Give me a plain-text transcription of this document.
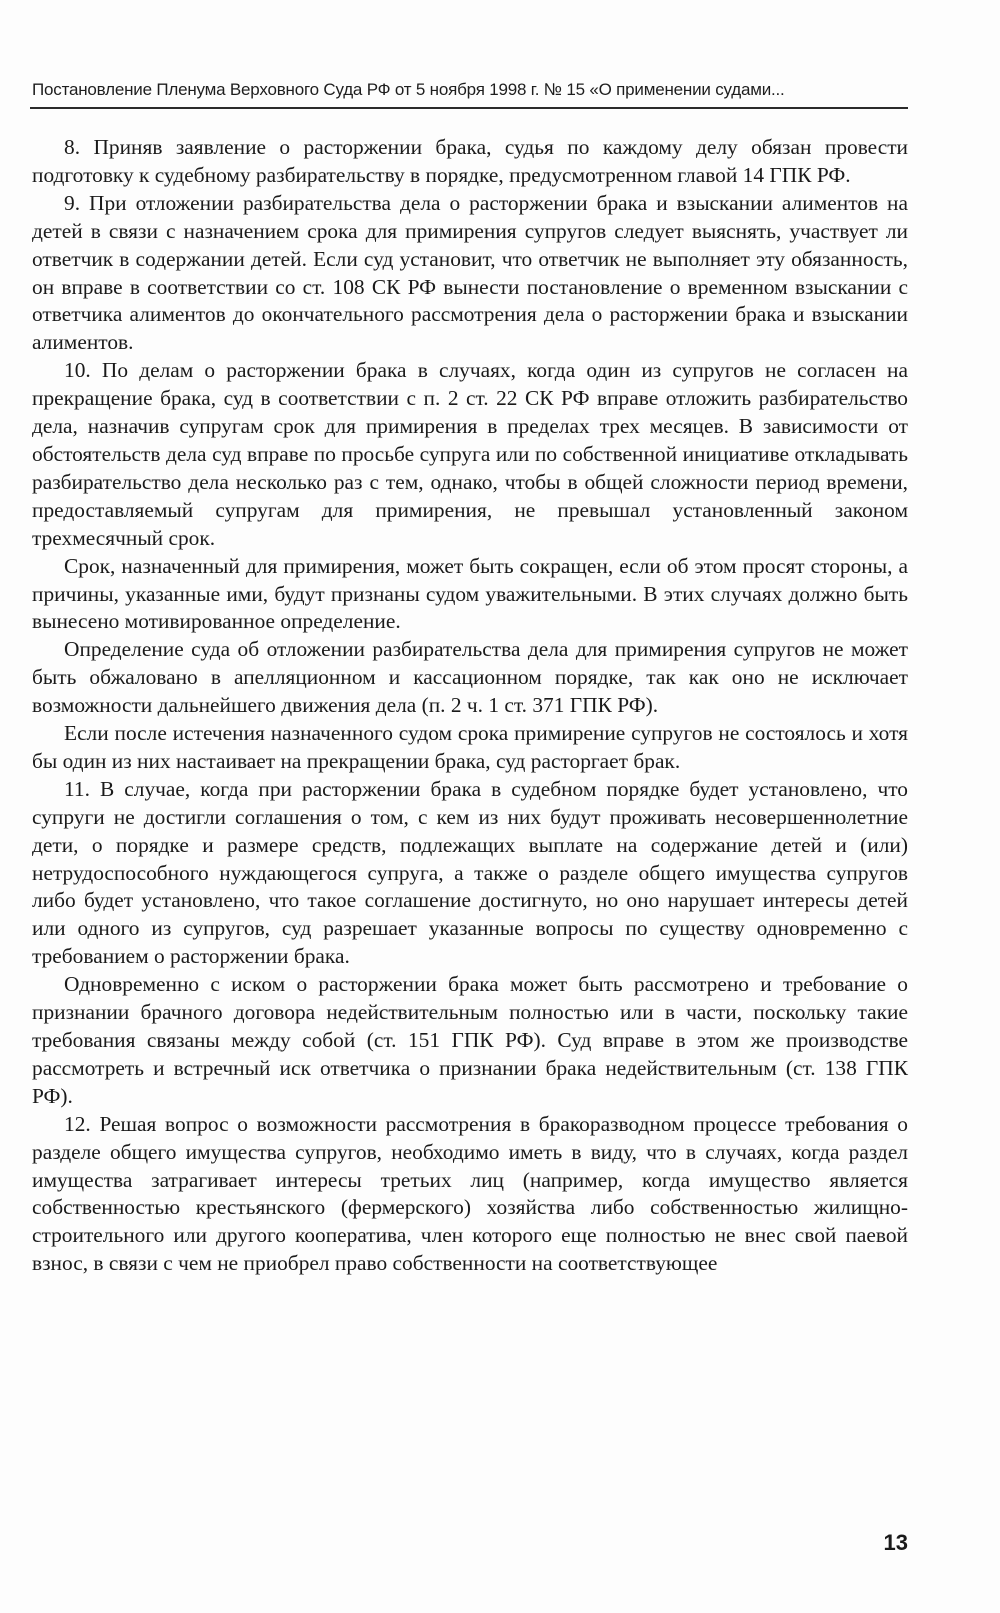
Постановление Пленума Верховного Суда РФ от 5 ноября 1998 г. № 15 «О применении судами...

8. Приняв заявление о расторжении брака, судья по каждому делу обязан провести подготовку к судебному разбирательству в порядке, предусмотренном главой 14 ГПК РФ.

9. При отложении разбирательства дела о расторжении брака и взыскании алиментов на детей в связи с назначением срока для примирения супругов следует выяснять, участвует ли ответчик в содержании детей. Если суд установит, что ответчик не выполняет эту обязанность, он вправе в соответствии со ст. 108 СК РФ вынести постановление о временном взыскании с ответчика алиментов до окончательного рассмотрения дела о расторжении брака и взыскании алиментов.

10. По делам о расторжении брака в случаях, когда один из супругов не согласен на прекращение брака, суд в соответствии с п. 2 ст. 22 СК РФ вправе отложить разбирательство дела, назначив супругам срок для примирения в пределах трех месяцев. В зависимости от обстоятельств дела суд вправе по просьбе супруга или по собственной инициативе откладывать разбирательство дела несколько раз с тем, однако, чтобы в общей сложности период времени, предоставляемый супругам для примирения, не превышал установленный законом трехмесячный срок.

Срок, назначенный для примирения, может быть сокращен, если об этом просят стороны, а причины, указанные ими, будут признаны судом уважительными. В этих случаях должно быть вынесено мотивированное определение.

Определение суда об отложении разбирательства дела для примирения супругов не может быть обжаловано в апелляционном и кассационном порядке, так как оно не исключает возможности дальнейшего движения дела (п. 2 ч. 1 ст. 371 ГПК РФ).

Если после истечения назначенного судом срока примирение супругов не состоялось и хотя бы один из них настаивает на прекращении брака, суд расторгает брак.

11. В случае, когда при расторжении брака в судебном порядке будет установлено, что супруги не достигли соглашения о том, с кем из них будут проживать несовершеннолетние дети, о порядке и размере средств, подлежащих выплате на содержание детей и (или) нетрудоспособного нуждающегося супруга, а также о разделе общего имущества супругов либо будет установлено, что такое соглашение достигнуто, но оно нарушает интересы детей или одного из супругов, суд разрешает указанные вопросы по существу одновременно с требованием о расторжении брака.

Одновременно с иском о расторжении брака может быть рассмотрено и требование о признании брачного договора недействительным полностью или в части, поскольку такие требования связаны между собой (ст. 151 ГПК РФ). Суд вправе в этом же производстве рассмотреть и встречный иск ответчика о признании брака недействительным (ст. 138 ГПК РФ).

12. Решая вопрос о возможности рассмотрения в бракоразводном процессе требования о разделе общего имущества супругов, необходимо иметь в виду, что в случаях, когда раздел имущества затрагивает интересы третьих лиц (например, когда имущество является собственностью крестьянского (фермерского) хозяйства либо собственностью жилищно-строительного или другого кооператива, член которого еще полностью не внес свой паевой взнос, в связи с чем не приобрел право собственности на соответствующее

13
